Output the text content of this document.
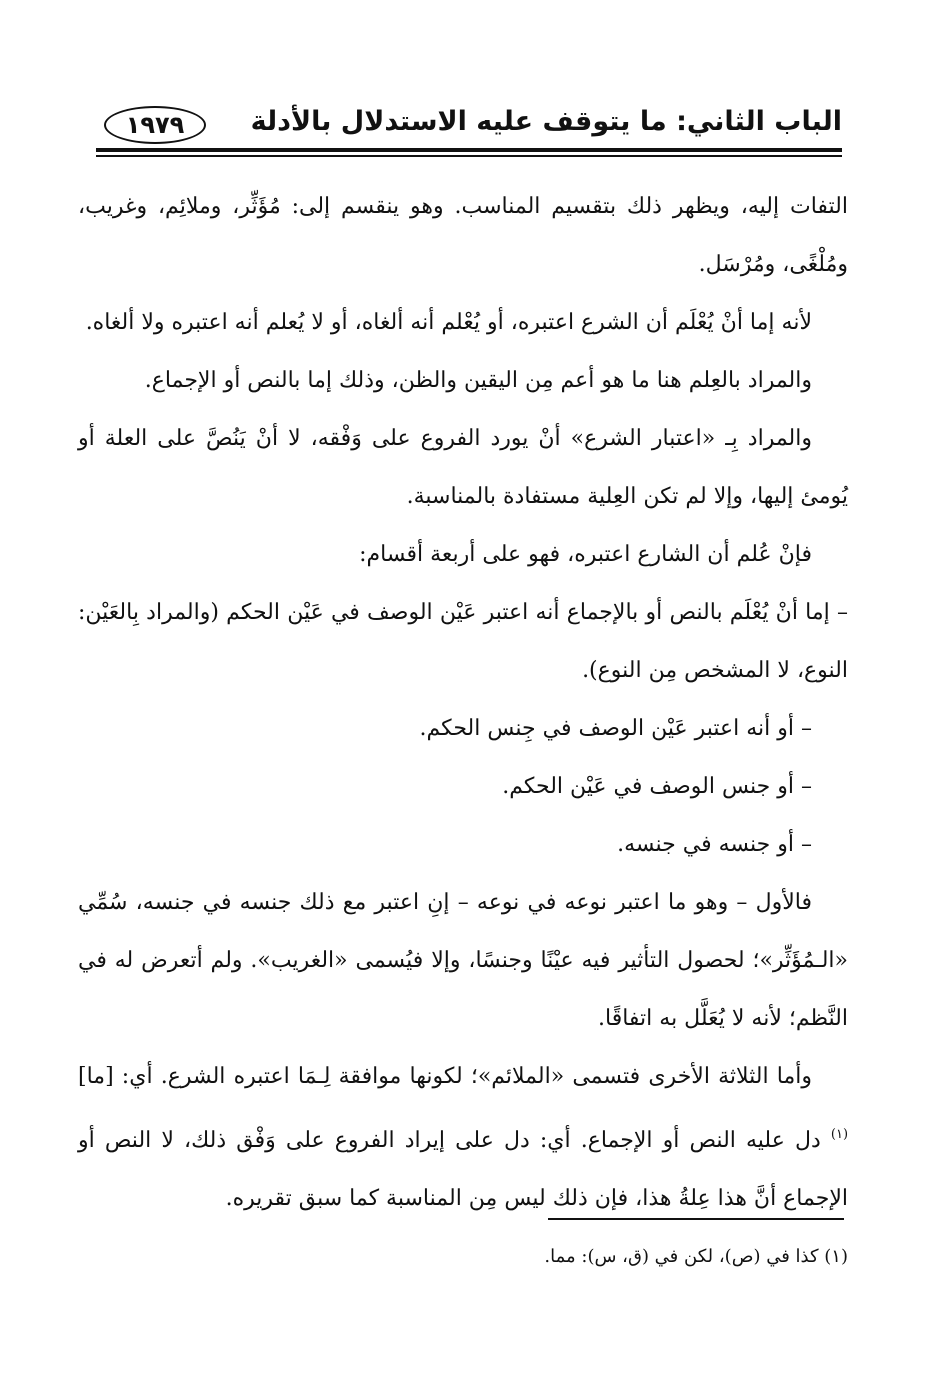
الباب الثاني: ما يتوقف عليه الاستدلال بالأدلة
١٩٧٩

التفات إليه، ويظهر ذلك بتقسيم المناسب. وهو ينقسم إلى: مُؤَثِّر، وملائِم، وغريب، ومُلْغًى، ومُرْسَل.

لأنه إما أنْ يُعْلَم أن الشرع اعتبره، أو يُعْلم أنه ألغاه، أو لا يُعلم أنه اعتبره ولا ألغاه.

والمراد بالعِلم هنا ما هو أعم مِن اليقين والظن، وذلك إما بالنص أو الإجماع.

والمراد بِـ «اعتبار الشرع» أنْ يورد الفروع على وَفْقه، لا أنْ يَنُصَّ على العلة أو يُومئ إليها، وإلا لم تكن العِلية مستفادة بالمناسبة.

فإنْ عُلم أن الشارع اعتبره، فهو على أربعة أقسام:

– إما أنْ يُعْلَم بالنص أو بالإجماع أنه اعتبر عَيْن الوصف في عَيْن الحكم (والمراد بِالعَيْن: النوع، لا المشخص مِن النوع).

– أو أنه اعتبر عَيْن الوصف في جِنس الحكم.

– أو جنس الوصف في عَيْن الحكم.

– أو جنسه في جنسه.

فالأول – وهو ما اعتبر نوعه في نوعه – إنِ اعتبر مع ذلك جنسه في جنسه، سُمِّي «الـمُؤَثِّر»؛ لحصول التأثير فيه عيْنًا وجنسًا، وإلا فيُسمى «الغريب». ولم أتعرض له في النَّظم؛ لأنه لا يُعَلَّل به اتفاقًا.

وأما الثلاثة الأخرى فتسمى «الملائم»؛ لكونها موافقة لِـمَا اعتبره الشرع. أي: [ما]$^{(١)}$ دل عليه النص أو الإجماع. أي: دل على إيراد الفروع على وَفْق ذلك، لا النص أو الإجماع أنَّ هذا عِلةُ هذا، فإن ذلك ليس مِن المناسبة كما سبق تقريره.

(١) كذا في (ص)، لكن في (ق، س): مما.
